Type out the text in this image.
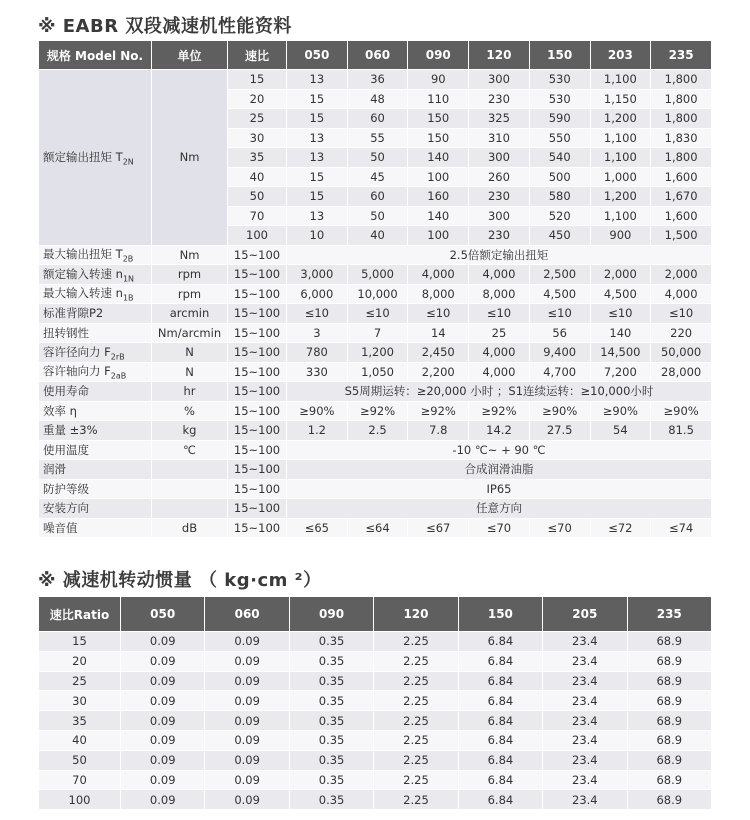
※ EABR 双段减速机性能资料
规格 Model No.	单位	速比	050	060	090	120	150	203	235
额定输出扭矩 $T_{2N}$	Nm	15	13	36	90	300	530	1,100	1,800
		20	15	48	110	230	530	1,150	1,800
		25	15	60	150	325	590	1,200	1,800
		30	13	55	150	310	550	1,100	1,830
		35	13	50	140	300	540	1,100	1,800
		40	15	45	100	260	500	1,000	1,600
		50	15	60	160	230	580	1,200	1,670
		70	13	50	140	300	520	1,100	1,600
		100	10	40	100	230	450	900	1,500
最大输出扭矩 $T_{2B}$	Nm	15~100	2.5倍额定输出扭矩						
额定输入转速 $n_{1N}$	rpm	15~100	3,000	5,000	4,000	4,000	2,500	2,000	2,000
最大输入转速 $n_{1B}$	rpm	15~100	6,000	10,000	8,000	8,000	4,500	4,500	4,000
标准背隙P2	arcmin	15~100	≤10	≤10	≤10	≤10	≤10	≤10	≤10
扭转钢性	Nm/arcmin	15~100	3	7	14	25	56	140	220
容许径向力 $F_{2rB}$	N	15~100	780	1,200	2,450	4,000	9,400	14,500	50,000
容许轴向力 $F_{2aB}$	N	15~100	330	1,050	2,200	4,000	4,700	7,200	28,000
使用寿命	hr	15~100	S5周期运转：≥20,000 小时 ；S1连续运转：≥10,000小时						
效率 η	%	15~100	≥90%	≥92%	≥92%	≥92%	≥90%	≥90%	≥90%
重量 ±3%	kg	15~100	1.2	2.5	7.8	14.2	27.5	54	81.5
使用温度	℃	15~100	-10 ℃~ + 90 ℃						
润滑		15~100	合成润滑油脂						
防护等级		15~100	IP65						
安装方向		15~100	任意方向						
噪音值	dB	15~100	≤65	≤64	≤67	≤70	≤70	≤72	≤74
※ 减速机转动惯量 （ kg·cm ²）
速比Ratio	050	060	090	120	150	205	235
15	0.09	0.09	0.35	2.25	6.84	23.4	68.9
20	0.09	0.09	0.35	2.25	6.84	23.4	68.9
25	0.09	0.09	0.35	2.25	6.84	23.4	68.9
30	0.09	0.09	0.35	2.25	6.84	23.4	68.9
35	0.09	0.09	0.35	2.25	6.84	23.4	68.9
40	0.09	0.09	0.35	2.25	6.84	23.4	68.9
50	0.09	0.09	0.35	2.25	6.84	23.4	68.9
70	0.09	0.09	0.35	2.25	6.84	23.4	68.9
100	0.09	0.09	0.35	2.25	6.84	23.4	68.9
